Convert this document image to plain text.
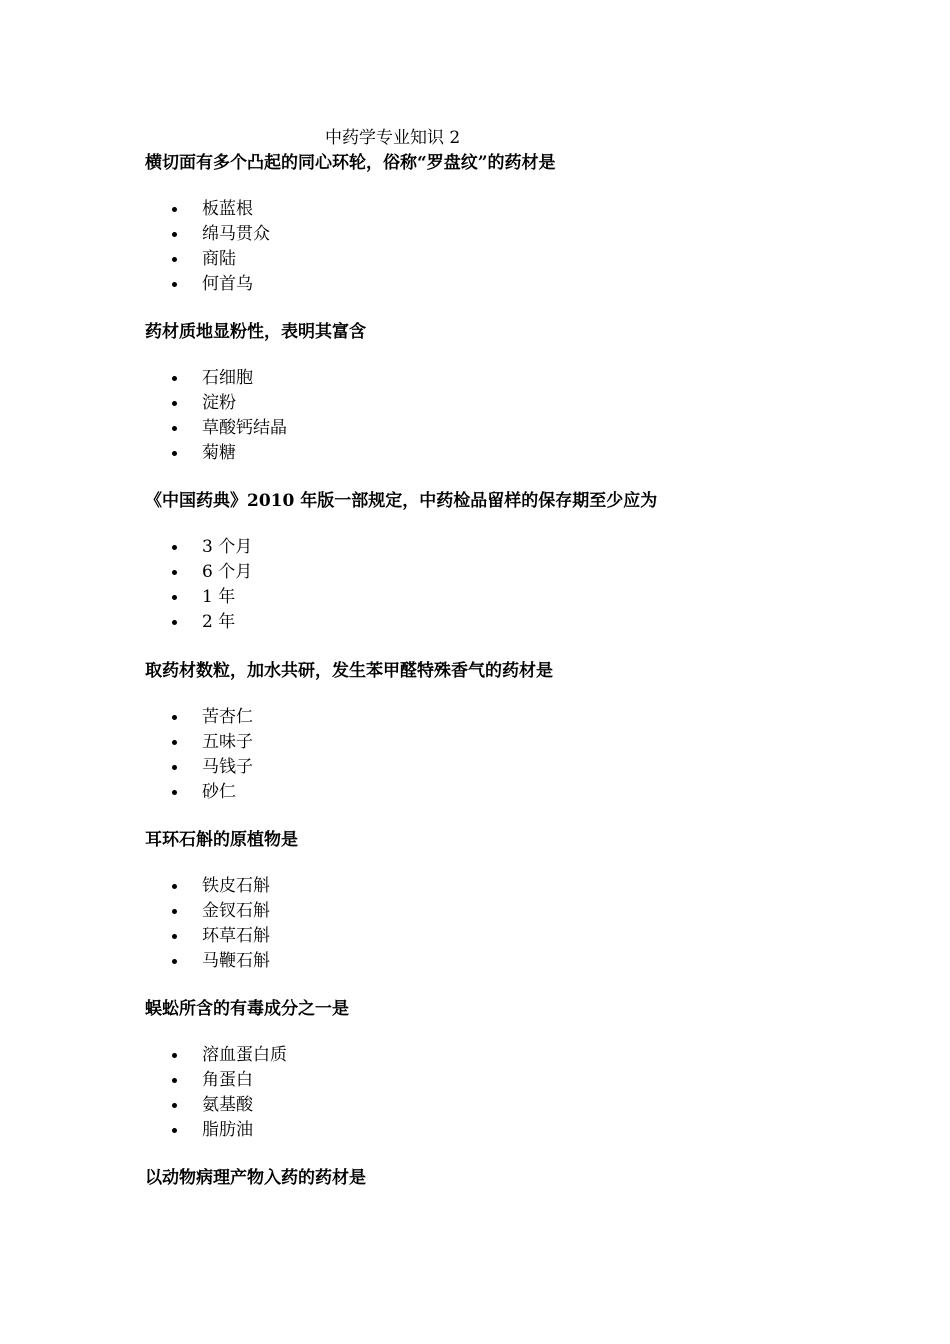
中药学专业知识 2
横切面有多个凸起的同心环轮，俗称“罗盘纹”的药材是
板蓝根
绵马贯众
商陆
何首乌
药材质地显粉性，表明其富含
石细胞
淀粉
草酸钙结晶
菊糖
《中国药典》2010 年版一部规定，中药检品留样的保存期至少应为
3 个月
6 个月
1 年
2 年
取药材数粒，加水共研，发生苯甲醛特殊香气的药材是
苦杏仁
五味子
马钱子
砂仁
耳环石斛的原植物是
铁皮石斛
金钗石斛
环草石斛
马鞭石斛
蜈蚣所含的有毒成分之一是
溶血蛋白质
角蛋白
氨基酸
脂肪油
以动物病理产物入药的药材是
